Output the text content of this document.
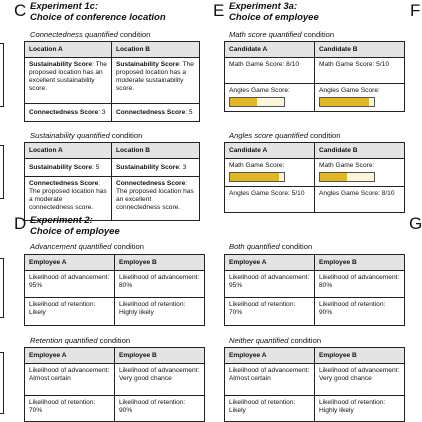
F
G
C Experiment 1c:
Choice of conference location
Connectedness quantified condition
Location A	Location B
Sustainability Score: The proposed location has an excellent sustainability score.	Sustainability Score: The proposed location has a moderate sustainability score.
Connectedness Score: 3	Connectedness Score: 5
Sustainability quantified condition
Location A	Location B
Sustainability Score: 5	Sustainability Score: 3
Connectedness Score: The proposed location has a moderate connectedness score.	Connectedness Score: The proposed location has an excellent connectedness score.
D Experiment 2:
Choice of employee
Advancement quantified condition
Employee A	Employee B
Likelihood of advancement: 95%	Likelihood of advancement: 80%
Likelihood of retention: Likely	Likelihood of retention: Highly likely
Retention quantified condition
Employee A	Employee B
Likelihood of advancement: Almost certain	Likelihood of advancement: Very good chance
Likelihood of retention: 70%	Likelihood of retention: 90%
E Experiment 3a:
Choice of employee
Math score quantified condition
Candidate A	Candidate B
Math Game Score: 8/10	Math Game Score: 5/10

Angles Game Score:	Angles Game Score:
Angles score quantified condition
Candidate A	Candidate B

Math Game Score:	Math Game Score:

Angles Game Score: 5/10	Angles Game Score: 8/10
Both quantified condition
Employee A	Employee B
Likelihood of advancement: 95%	Likelihood of advancement: 80%
Likelihood of retention: 70%	Likelihood of retention: 90%
Neither quantified condition
Employee A	Employee B
Likelihood of advancement: Almost certain	Likelihood of advancement: Very good chance
Likelihood of retention: Likely	Likelihood of retention: Highly likely
